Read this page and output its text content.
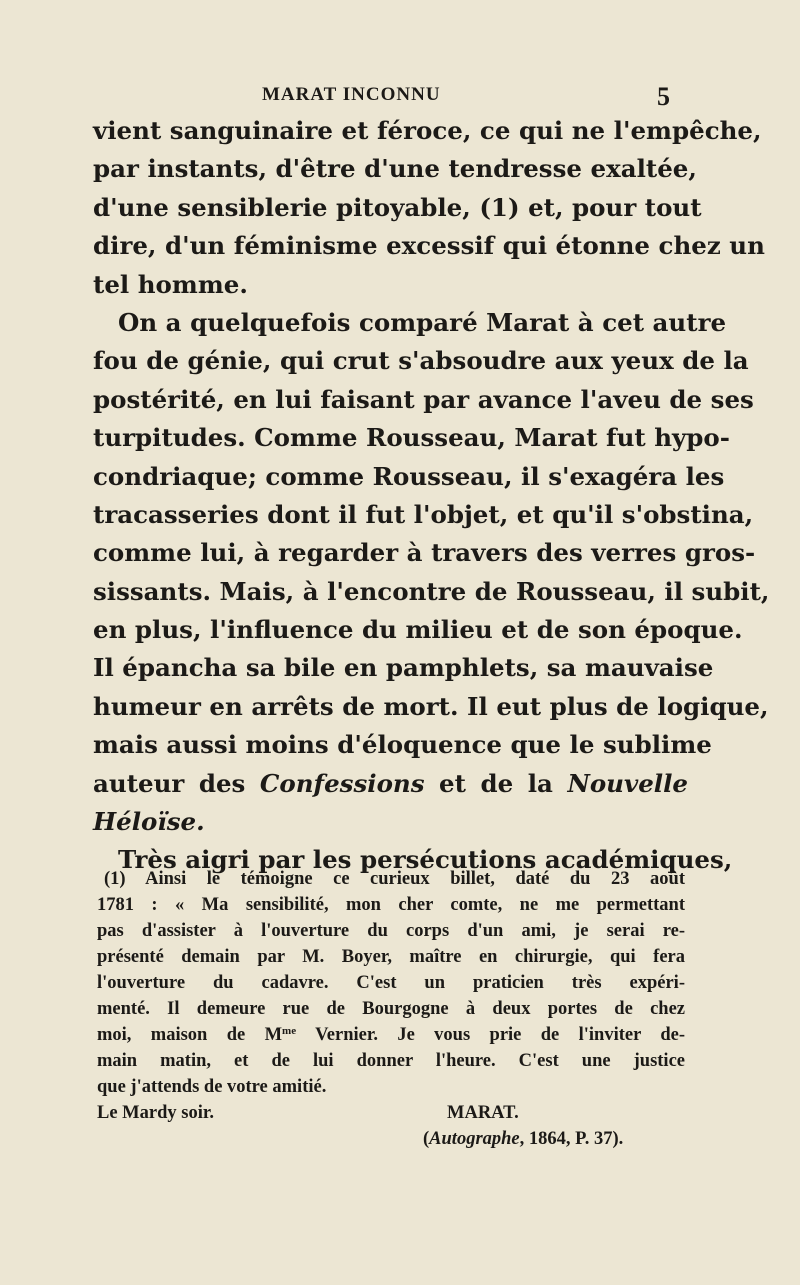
MARAT INCONNU	5
vient sanguinaire et féroce, ce qui ne l'empêche,
par instants, d'être d'une tendresse exaltée,
d'une sensiblerie pitoyable, (1) et, pour tout
dire, d'un féminisme excessif qui étonne chez un
tel homme.
On a quelquefois comparé Marat à cet autre
fou de génie, qui crut s'absoudre aux yeux de la
postérité, en lui faisant par avance l'aveu de ses
turpitudes. Comme Rousseau, Marat fut hypo-
condriaque; comme Rousseau, il s'exagéra les
tracasseries dont il fut l'objet, et qu'il s'obstina,
comme lui, à regarder à travers des verres gros-
sissants. Mais, à l'encontre de Rousseau, il subit,
en plus, l'influence du milieu et de son époque.
Il épancha sa bile en pamphlets, sa mauvaise
humeur en arrêts de mort. Il eut plus de logique,
mais aussi moins d'éloquence que le sublime
auteur des Confessions et de la Nouvelle
Héloïse.
Très aigri par les persécutions académiques,
(1) Ainsi le témoigne ce curieux billet, daté du 23 août
1781 : « Ma sensibilité, mon cher comte, ne me permettant
pas d'assister à l'ouverture du corps d'un ami, je serai re-
présenté demain par M. Boyer, maître en chirurgie, qui fera
l'ouverture du cadavre. C'est un praticien très expéri-
menté. Il demeure rue de Bourgogne à deux portes de chez
moi, maison de $M^{me}$ Vernier. Je vous prie de l'inviter de-
main matin, et de lui donner l'heure. C'est une justice
que j'attends de votre amitié.
Le Mardy soir.	MARAT.
(Autographe, 1864, P. 37).
